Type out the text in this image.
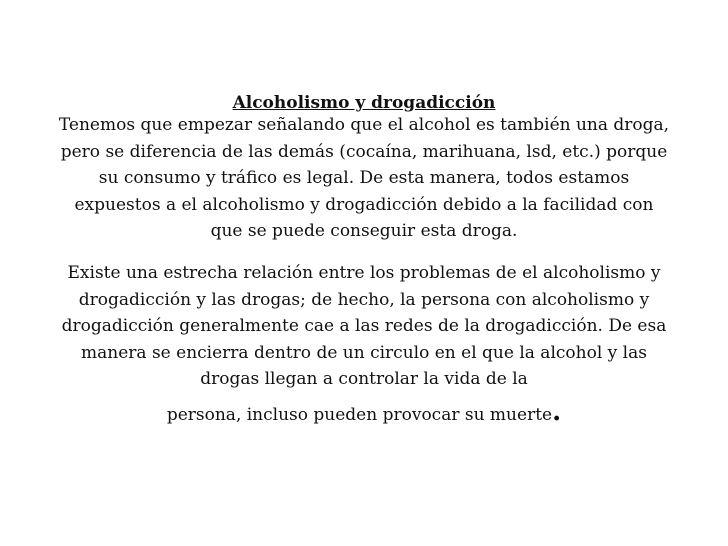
Alcoholismo y drogadicción

Tenemos que empezar señalando que el alcohol es también una droga, pero se diferencia de las demás (cocaína, marihuana, lsd, etc.) porque su consumo y tráfico es legal. De esta manera, todos estamos expuestos a el alcoholismo y drogadicción debido a la facilidad con que se puede conseguir esta droga.

Existe una estrecha relación entre los problemas de el alcoholismo y drogadicción y las drogas; de hecho, la persona con alcoholismo y drogadicción generalmente cae a las redes de la drogadicción. De esa manera se encierra dentro de un circulo en el que la alcohol y las drogas llegan a controlar la vida de la

persona, incluso pueden provocar su muerte.
